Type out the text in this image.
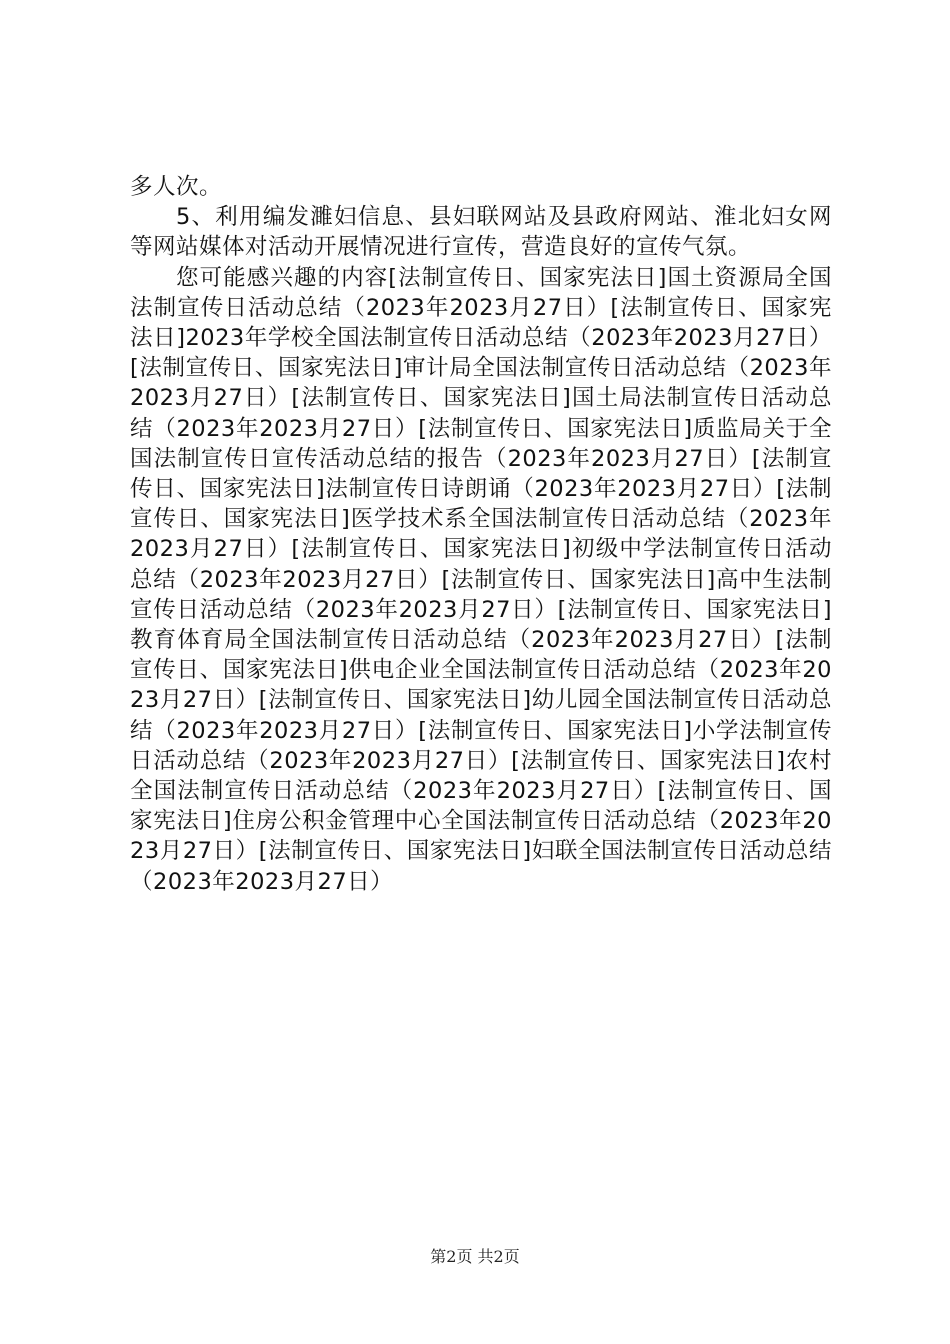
多人次。

5、利用编发濉妇信息、县妇联网站及县政府网站、淮北妇女网等网站媒体对活动开展情况进行宣传，营造良好的宣传气氛。

您可能感兴趣的内容[法制宣传日、国家宪法日]国土资源局全国法制宣传日活动总结（2023年2023月27日）[法制宣传日、国家宪法日]2023年学校全国法制宣传日活动总结（2023年2023月27日）[法制宣传日、国家宪法日]审计局全国法制宣传日活动总结（2023年2023月27日）[法制宣传日、国家宪法日]国土局法制宣传日活动总结（2023年2023月27日）[法制宣传日、国家宪法日]质监局关于全国法制宣传日宣传活动总结的报告（2023年2023月27日）[法制宣传日、国家宪法日]法制宣传日诗朗诵（2023年2023月27日）[法制宣传日、国家宪法日]医学技术系全国法制宣传日活动总结（2023年2023月27日）[法制宣传日、国家宪法日]初级中学法制宣传日活动总结（2023年2023月27日）[法制宣传日、国家宪法日]高中生法制宣传日活动总结（2023年2023月27日）[法制宣传日、国家宪法日]教育体育局全国法制宣传日活动总结（2023年2023月27日）[法制宣传日、国家宪法日]供电企业全国法制宣传日活动总结（2023年2023月27日）[法制宣传日、国家宪法日]幼儿园全国法制宣传日活动总结（2023年2023月27日）[法制宣传日、国家宪法日]小学法制宣传日活动总结（2023年2023月27日）[法制宣传日、国家宪法日]农村全国法制宣传日活动总结（2023年2023月27日）[法制宣传日、国家宪法日]住房公积金管理中心全国法制宣传日活动总结（2023年2023月27日）[法制宣传日、国家宪法日]妇联全国法制宣传日活动总结（2023年2023月27日）

第2页 共2页
